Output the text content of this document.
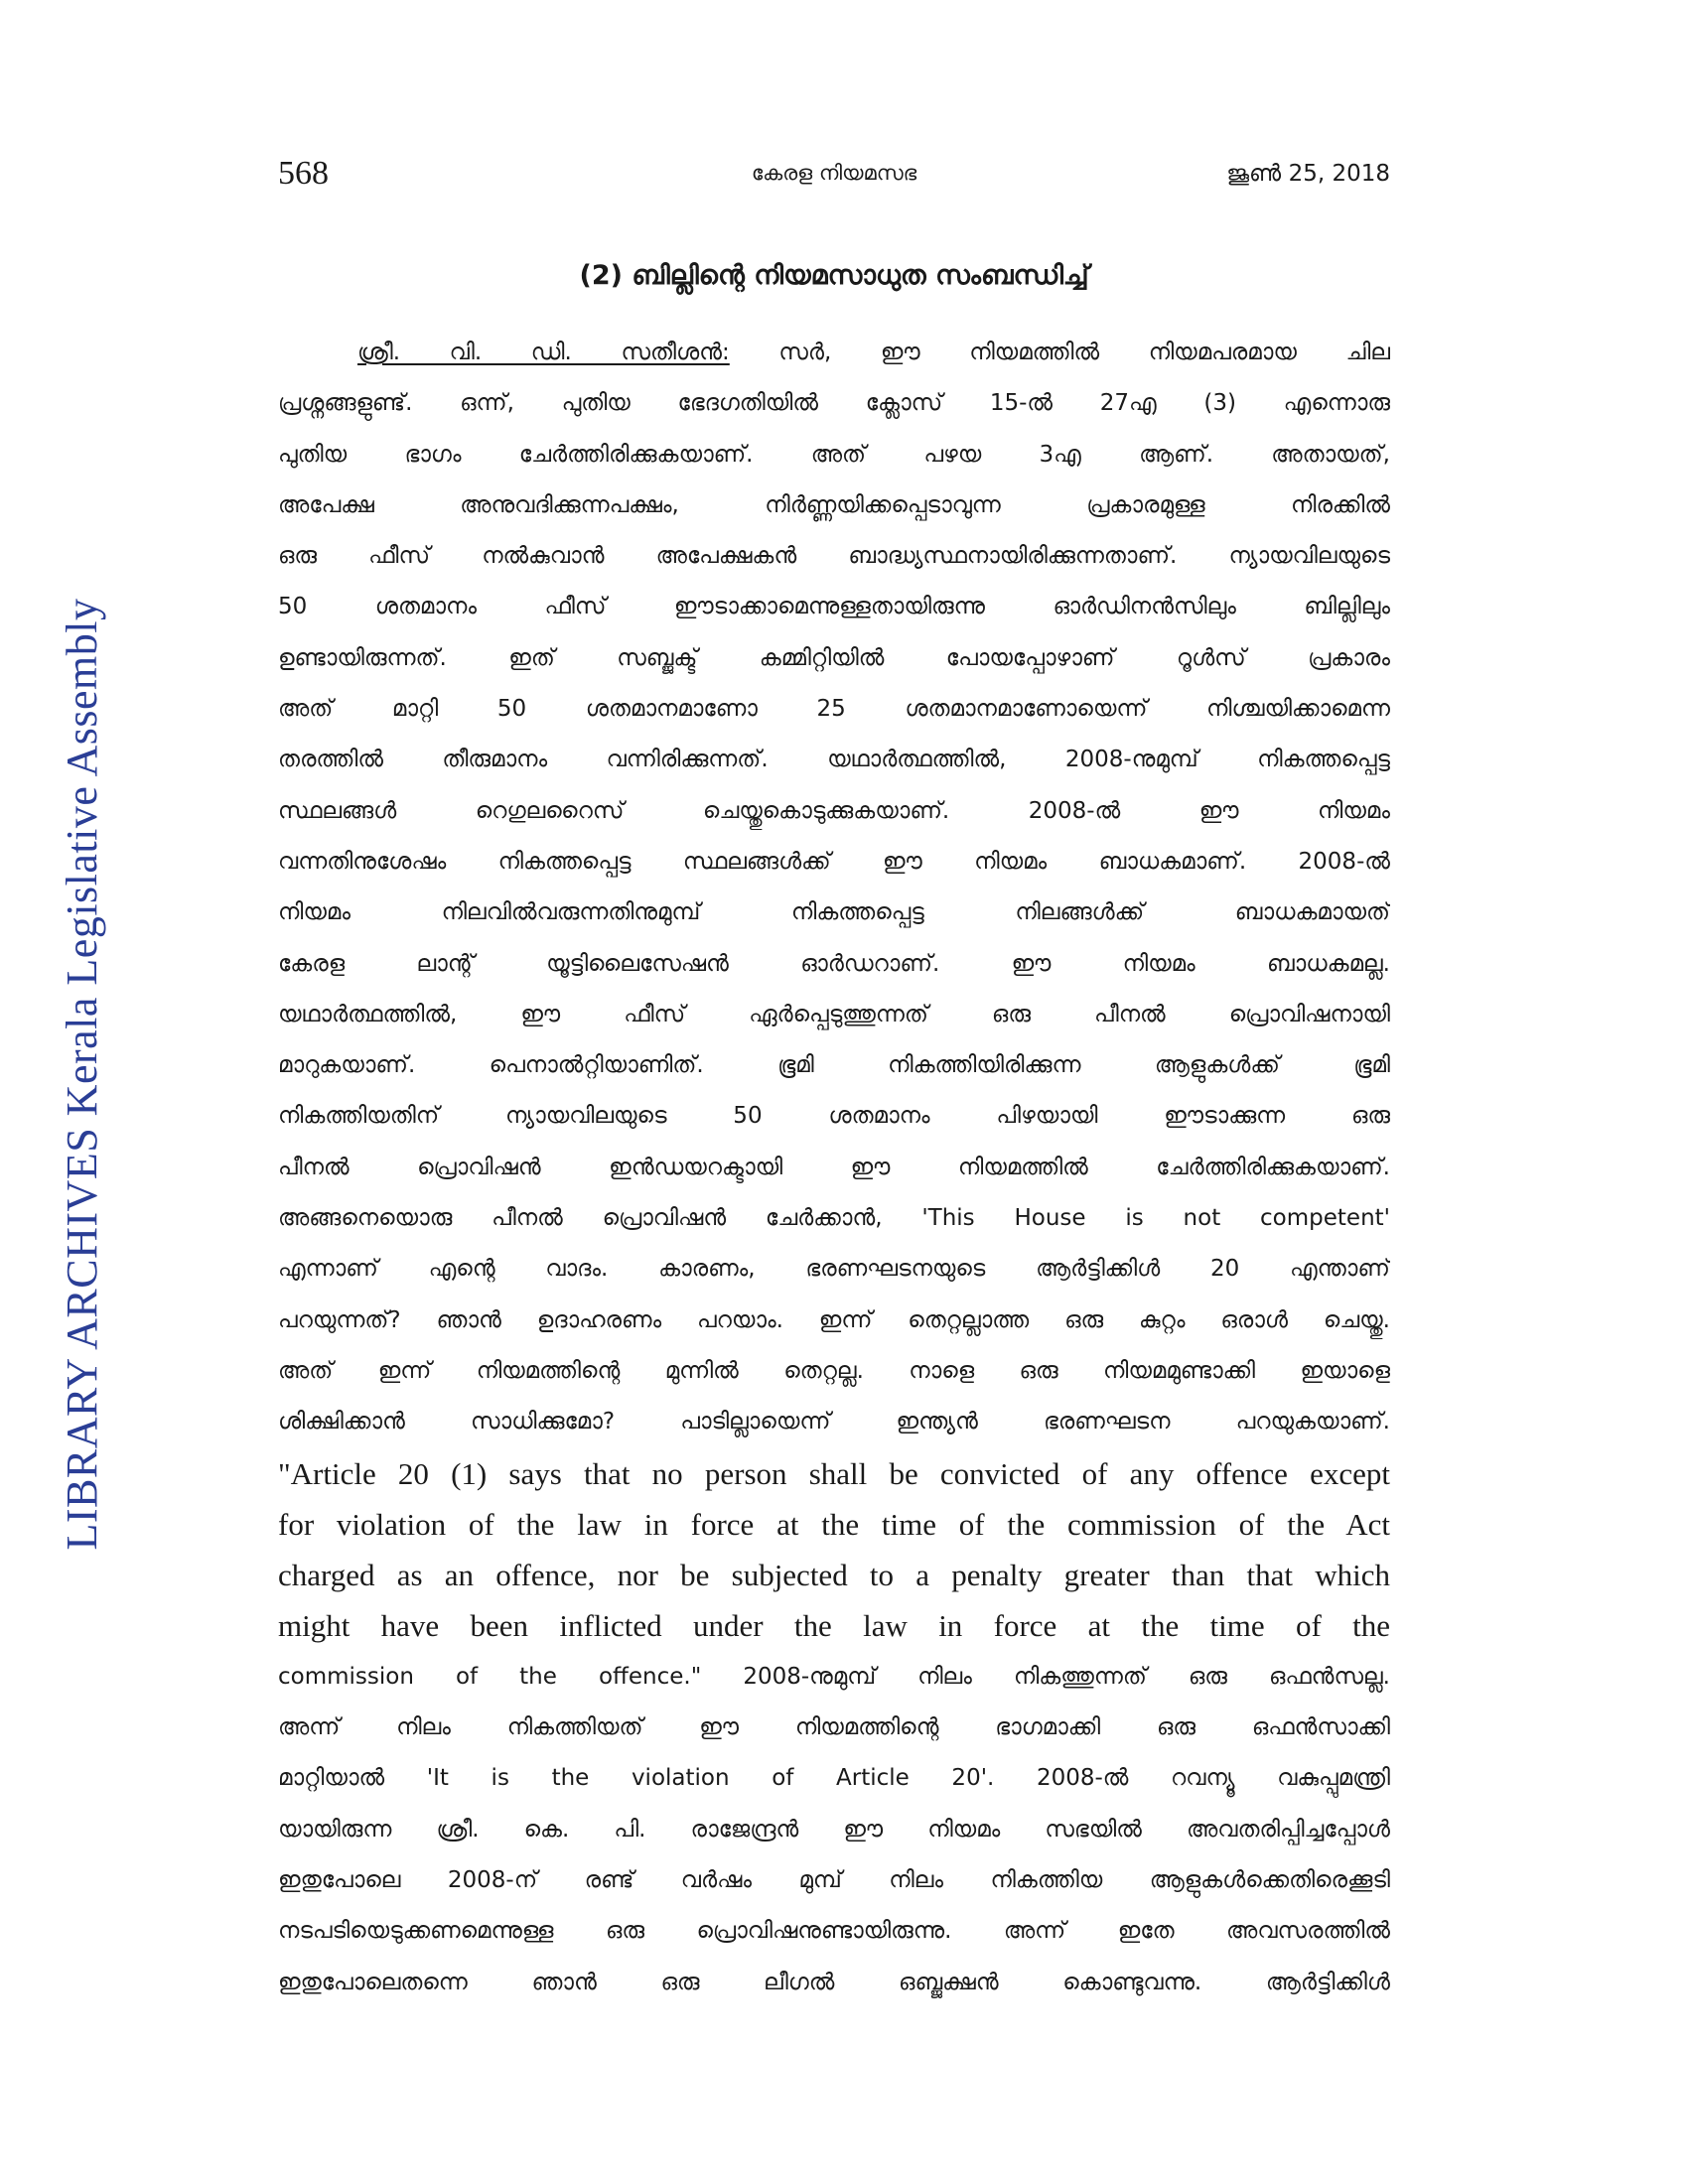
LIBRARY ARCHIVES Kerala Legislative Assembly
568	കേരള നിയമസഭ	ജൂൺ 25, 2018
(2) ബില്ലിന്റെ നിയമസാധുത സംബന്ധിച്ച്
ശ്രീ. വി. ഡി. സതീശൻ: സർ, ഈ നിയമത്തിൽ നിയമപരമായ ചില
പ്രശ്നങ്ങളുണ്ട്. ഒന്ന്, പുതിയ ഭേദഗതിയിൽ ക്ലോസ് 15-ൽ 27എ (3) എന്നൊരു
പുതിയ ഭാഗം ചേർത്തിരിക്കുകയാണ്. അത് പഴയ 3എ ആണ്. അതായത്,
അപേക്ഷ അനുവദിക്കുന്നപക്ഷം, നിർണ്ണയിക്കപ്പെടാവുന്ന പ്രകാരമുള്ള നിരക്കിൽ
ഒരു ഫീസ് നൽകുവാൻ അപേക്ഷകൻ ബാദ്ധ്യസ്ഥനായിരിക്കുന്നതാണ്. ന്യായവിലയുടെ
50 ശതമാനം ഫീസ് ഈടാക്കാമെന്നുള്ളതായിരുന്നു ഓർഡിനൻസിലും ബില്ലിലും
ഉണ്ടായിരുന്നത്. ഇത് സബ്ജക്ട് കമ്മിറ്റിയിൽ പോയപ്പോഴാണ് റൂൾസ് പ്രകാരം
അത് മാറ്റി 50 ശതമാനമാണോ 25 ശതമാനമാണോയെന്ന് നിശ്ചയിക്കാമെന്ന
തരത്തിൽ തീരുമാനം വന്നിരിക്കുന്നത്. യഥാർത്ഥത്തിൽ, 2008-നുമുമ്പ് നികത്തപ്പെട്ട
സ്ഥലങ്ങൾ റെഗുലറൈസ് ചെയ്തുകൊടുക്കുകയാണ്. 2008-ൽ ഈ നിയമം
വന്നതിനുശേഷം നികത്തപ്പെട്ട സ്ഥലങ്ങൾക്ക് ഈ നിയമം ബാധകമാണ്. 2008-ൽ
നിയമം നിലവിൽവരുന്നതിനുമുമ്പ് നികത്തപ്പെട്ട നിലങ്ങൾക്ക് ബാധകമായത്
കേരള ലാന്റ് യൂട്ടിലൈസേഷൻ ഓർഡറാണ്. ഈ നിയമം ബാധകമല്ല.
യഥാർത്ഥത്തിൽ, ഈ ഫീസ് ഏർപ്പെടുത്തുന്നത് ഒരു പീനൽ പ്രൊവിഷനായി
മാറുകയാണ്. പെനാൽറ്റിയാണിത്. ഭൂമി നികത്തിയിരിക്കുന്ന ആളുകൾക്ക് ഭൂമി
നികത്തിയതിന് ന്യായവിലയുടെ 50 ശതമാനം പിഴയായി ഈടാക്കുന്ന ഒരു
പീനൽ പ്രൊവിഷൻ ഇൻഡയറക്ടായി ഈ നിയമത്തിൽ ചേർത്തിരിക്കുകയാണ്.
അങ്ങനെയൊരു പീനൽ പ്രൊവിഷൻ ചേർക്കാൻ, 'This House is not competent'
എന്നാണ് എന്റെ വാദം. കാരണം, ഭരണഘടനയുടെ ആർട്ടിക്കിൾ 20 എന്താണ്
പറയുന്നത്? ഞാൻ ഉദാഹരണം പറയാം. ഇന്ന് തെറ്റല്ലാത്ത ഒരു കുറ്റം ഒരാൾ ചെയ്തു.
അത് ഇന്ന് നിയമത്തിന്റെ മുന്നിൽ തെറ്റല്ല. നാളെ ഒരു നിയമമുണ്ടാക്കി ഇയാളെ
ശിക്ഷിക്കാൻ സാധിക്കുമോ? പാടില്ലായെന്ന് ഇന്ത്യൻ ഭരണഘടന പറയുകയാണ്.
"Article 20 (1) says that no person shall be convicted of any offence except
for violation of the law in force at the time of the commission of the Act
charged as an offence, nor be subjected to a penalty greater than that which
might have been inflicted under the law in force at the time of the
commission of the offence." 2008-നുമുമ്പ് നിലം നികത്തുന്നത് ഒരു ഒഫൻസല്ല.
അന്ന് നിലം നികത്തിയത് ഈ നിയമത്തിന്റെ ഭാഗമാക്കി ഒരു ഒഫൻസാക്കി
മാറ്റിയാൽ 'It is the violation of Article 20'. 2008-ൽ റവന്യൂ വകുപ്പുമന്ത്രി
യായിരുന്ന ശ്രീ. കെ. പി. രാജേന്ദ്രൻ ഈ നിയമം സഭയിൽ അവതരിപ്പിച്ചപ്പോൾ
ഇതുപോലെ 2008-ന് രണ്ട് വർഷം മുമ്പ് നിലം നികത്തിയ ആളുകൾക്കെതിരെക്കൂടി
നടപടിയെടുക്കണമെന്നുള്ള ഒരു പ്രൊവിഷനുണ്ടായിരുന്നു. അന്ന് ഇതേ അവസരത്തിൽ
ഇതുപോലെതന്നെ ഞാൻ ഒരു ലീഗൽ ഒബ്ജക്ഷൻ കൊണ്ടുവന്നു. ആർട്ടിക്കിൾ
